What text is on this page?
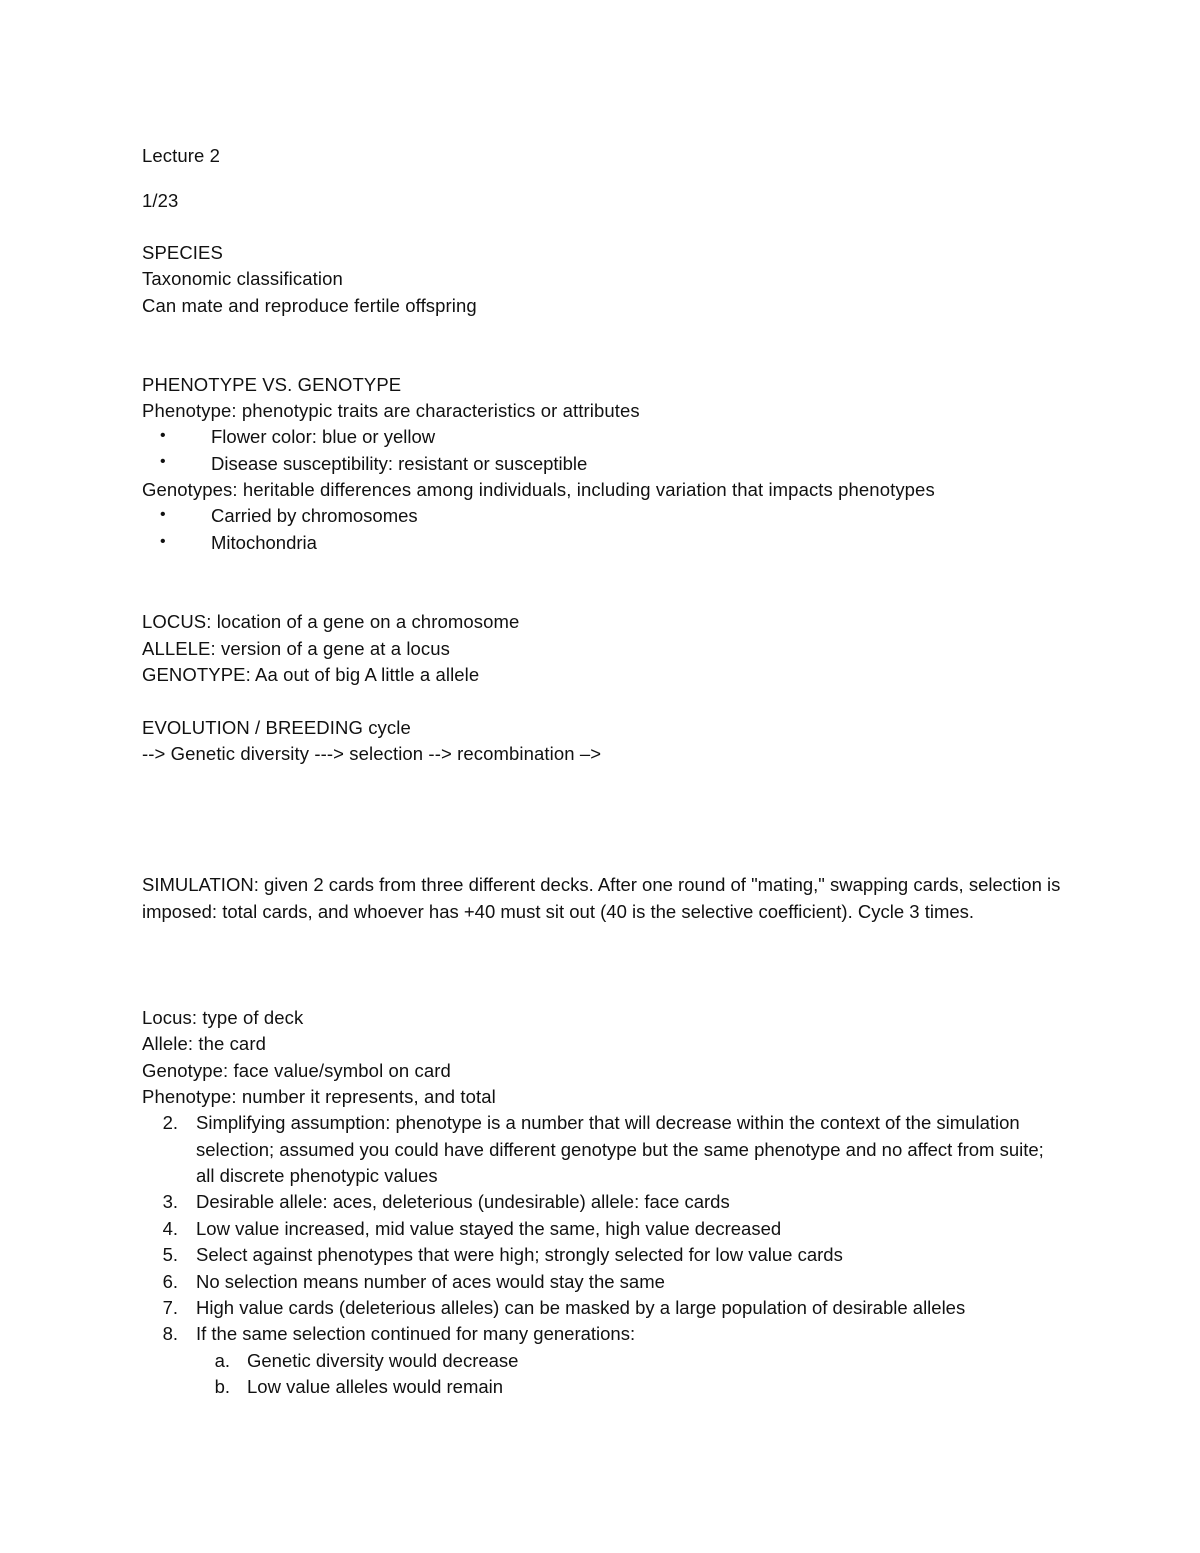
Lecture 2
1/23
SPECIES
Taxonomic classification
Can mate and reproduce fertile offspring
PHENOTYPE VS. GENOTYPE
Phenotype: phenotypic traits are characteristics or attributes
• Flower color: blue or yellow
• Disease susceptibility: resistant or susceptible
Genotypes: heritable differences among individuals, including variation that impacts phenotypes
• Carried by chromosomes
• Mitochondria
LOCUS: location of a gene on a chromosome
ALLELE: version of a gene at a locus
GENOTYPE: Aa out of big A little a allele
EVOLUTION / BREEDING cycle
--> Genetic diversity ---> selection --> recombination –>
SIMULATION: given 2 cards from three different decks. After one round of "mating," swapping cards, selection is imposed: total cards, and whoever has +40 must sit out (40 is the selective coefficient). Cycle 3 times.
Locus: type of deck
Allele: the card
Genotype: face value/symbol on card
Phenotype: number it represents, and total
2. Simplifying assumption: phenotype is a number that will decrease within the context of the simulation selection; assumed you could have different genotype but the same phenotype and no affect from suite; all discrete phenotypic values
3. Desirable allele: aces, deleterious (undesirable) allele: face cards
4. Low value increased, mid value stayed the same, high value decreased
5. Select against phenotypes that were high; strongly selected for low value cards
6. No selection means number of aces would stay the same
7. High value cards (deleterious alleles) can be masked by a large population of desirable alleles
8. If the same selection continued for many generations:
a. Genetic diversity would decrease
b. Low value alleles would remain
